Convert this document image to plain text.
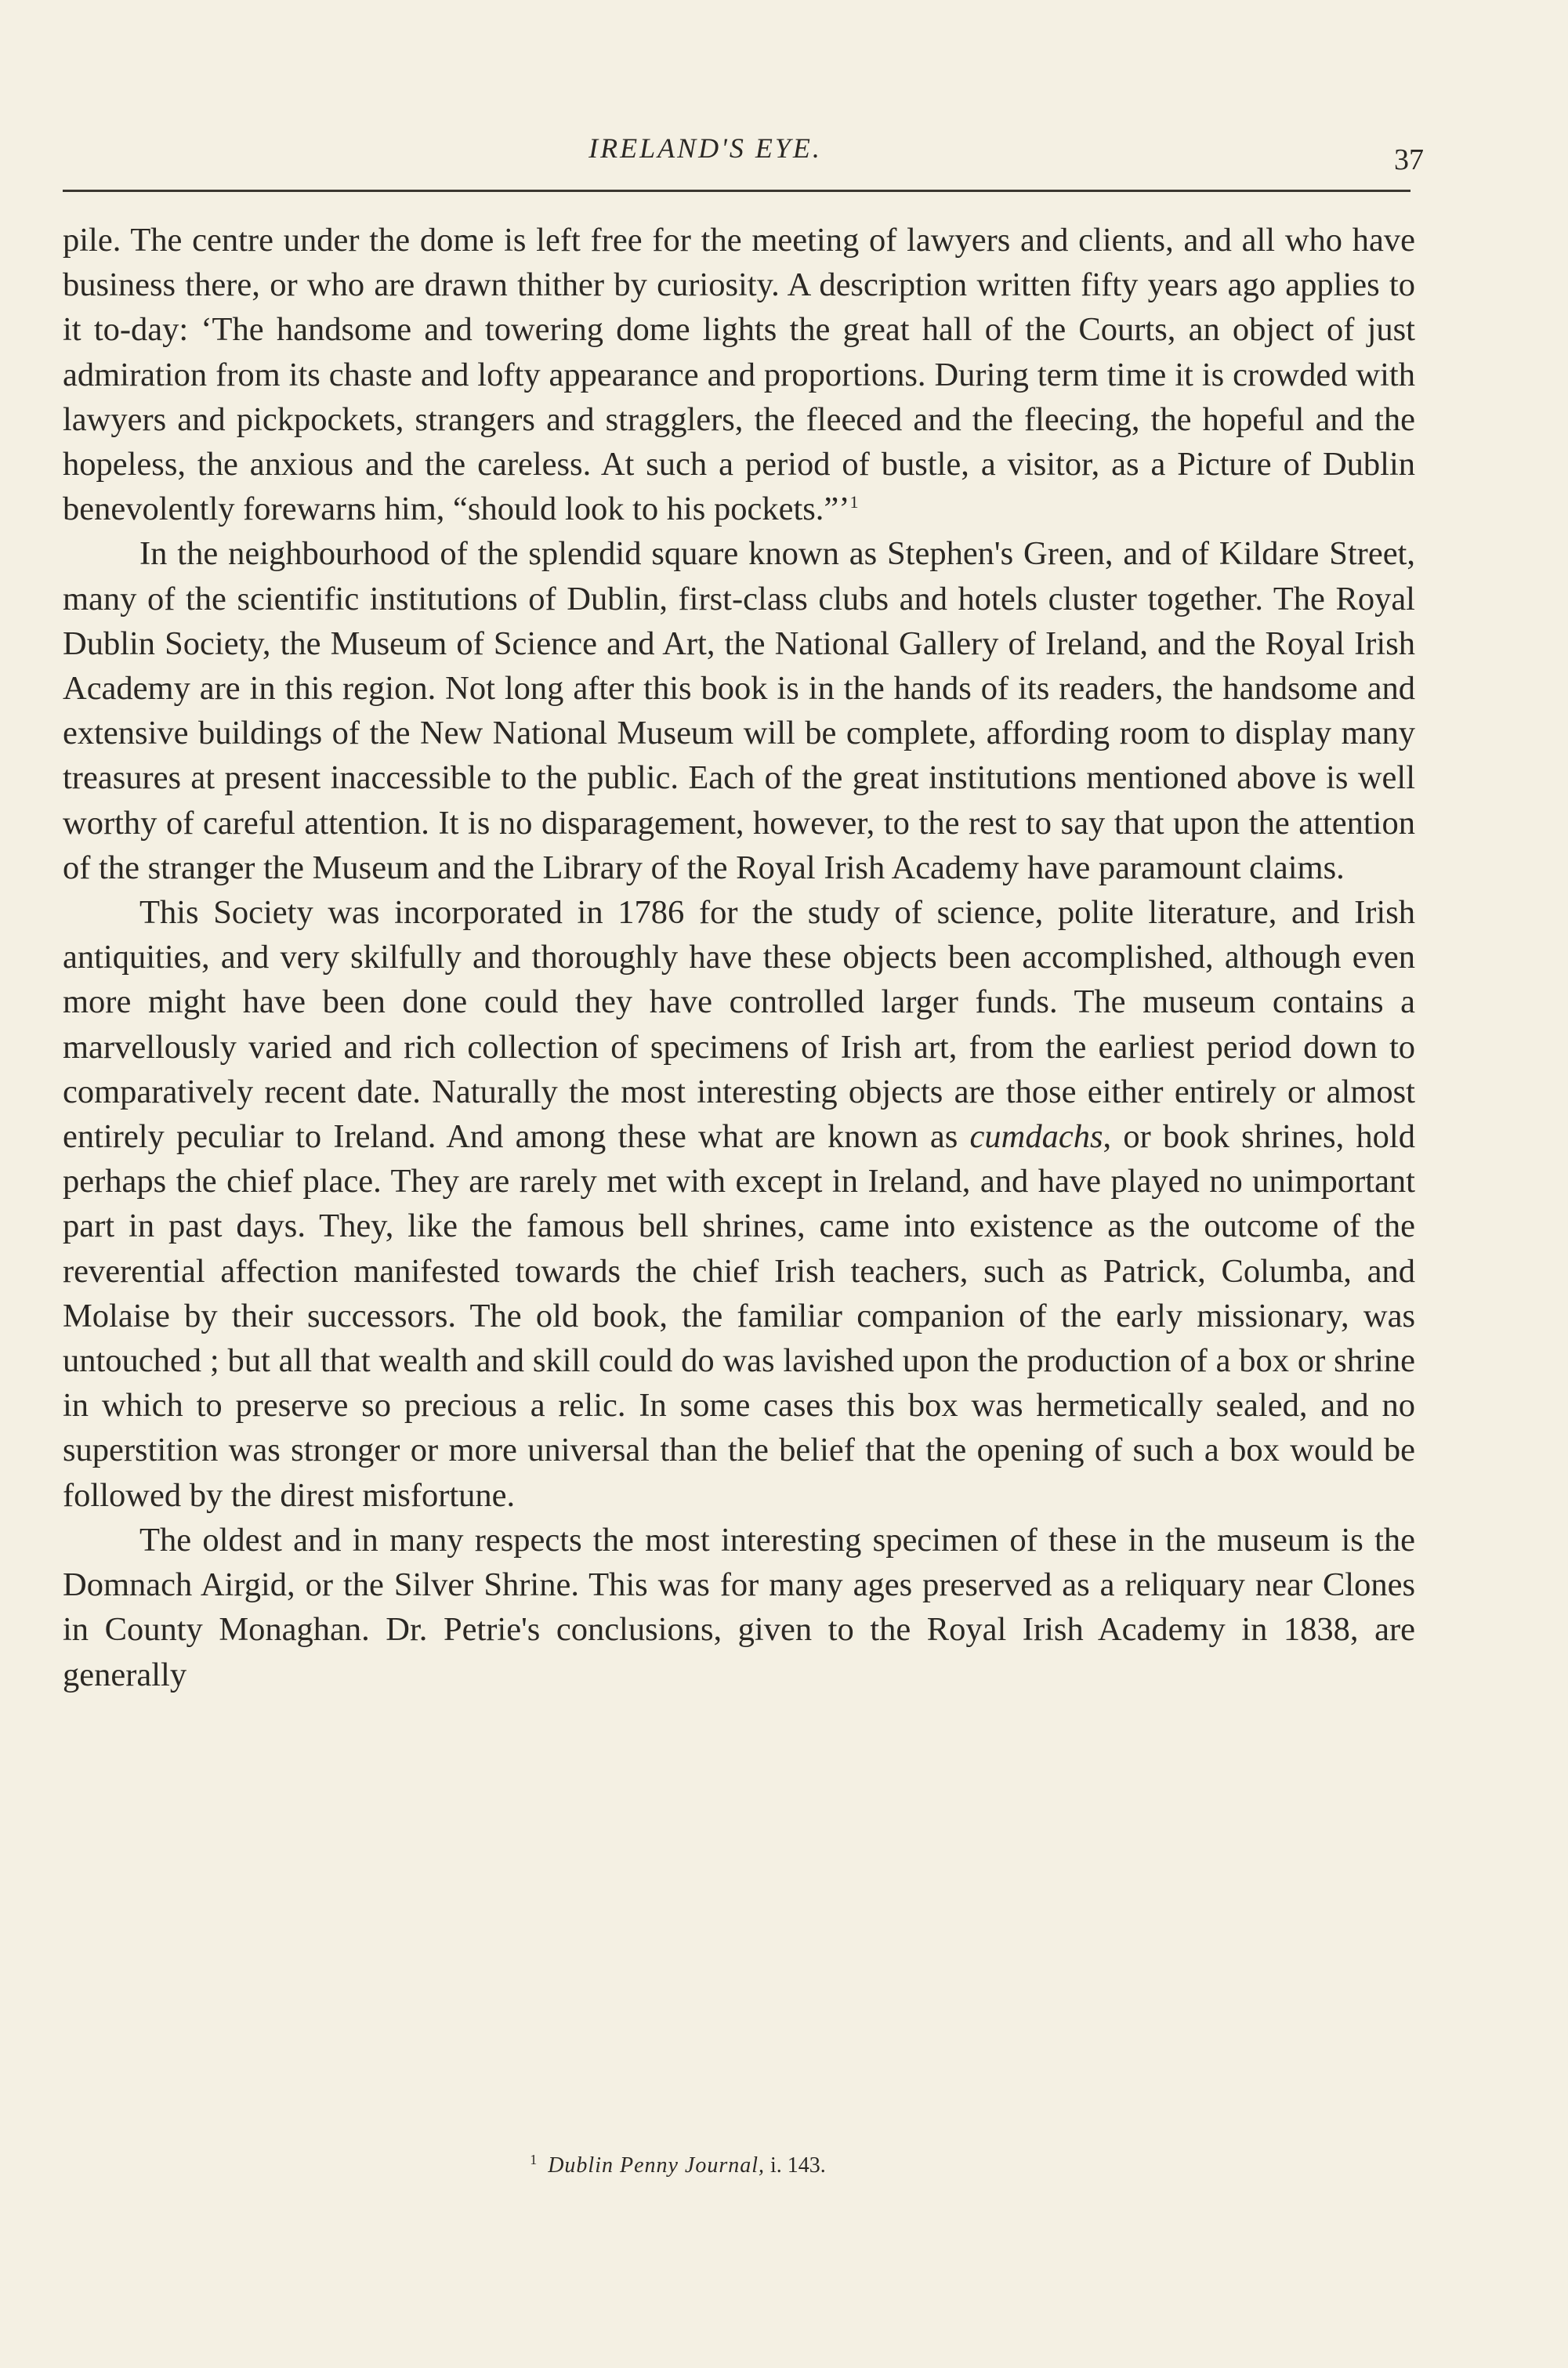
IRELAND'S EYE.	37

pile. The centre under the dome is left free for the meeting of lawyers and clients, and all who have business there, or who are drawn thither by curiosity. A description written fifty years ago applies to it to-day: ‘The handsome and towering dome lights the great hall of the Courts, an object of just admiration from its chaste and lofty appearance and proportions. During term time it is crowded with lawyers and pickpockets, strangers and stragglers, the fleeced and the fleecing, the hopeful and the hopeless, the anxious and the careless. At such a period of bustle, a visitor, as a Picture of Dublin benevolently forewarns him, “should look to his pockets.”’$^1$

In the neighbourhood of the splendid square known as Stephen's Green, and of Kildare Street, many of the scientific institutions of Dublin, first-class clubs and hotels cluster together. The Royal Dublin Society, the Museum of Science and Art, the National Gallery of Ireland, and the Royal Irish Academy are in this region. Not long after this book is in the hands of its readers, the handsome and extensive buildings of the New National Museum will be complete, affording room to display many treasures at present inaccessible to the public. Each of the great institutions mentioned above is well worthy of careful attention. It is no disparagement, however, to the rest to say that upon the attention of the stranger the Museum and the Library of the Royal Irish Academy have paramount claims.

This Society was incorporated in 1786 for the study of science, polite literature, and Irish antiquities, and very skilfully and thoroughly have these objects been accomplished, although even more might have been done could they have controlled larger funds. The museum contains a marvellously varied and rich collection of specimens of Irish art, from the earliest period down to comparatively recent date. Naturally the most interesting objects are those either entirely or almost entirely peculiar to Ireland. And among these what are known as cumdachs, or book shrines, hold perhaps the chief place. They are rarely met with except in Ireland, and have played no unimportant part in past days. They, like the famous bell shrines, came into existence as the outcome of the reverential affection manifested towards the chief Irish teachers, such as Patrick, Columba, and Molaise by their successors. The old book, the familiar companion of the early missionary, was untouched ; but all that wealth and skill could do was lavished upon the production of a box or shrine in which to preserve so precious a relic. In some cases this box was hermetically sealed, and no superstition was stronger or more universal than the belief that the opening of such a box would be followed by the direst misfortune.

The oldest and in many respects the most interesting specimen of these in the museum is the Domnach Airgid, or the Silver Shrine. This was for many ages preserved as a reliquary near Clones in County Monaghan. Dr. Petrie's conclusions, given to the Royal Irish Academy in 1838, are generally

$^1$ Dublin Penny Journal, i. 143.
